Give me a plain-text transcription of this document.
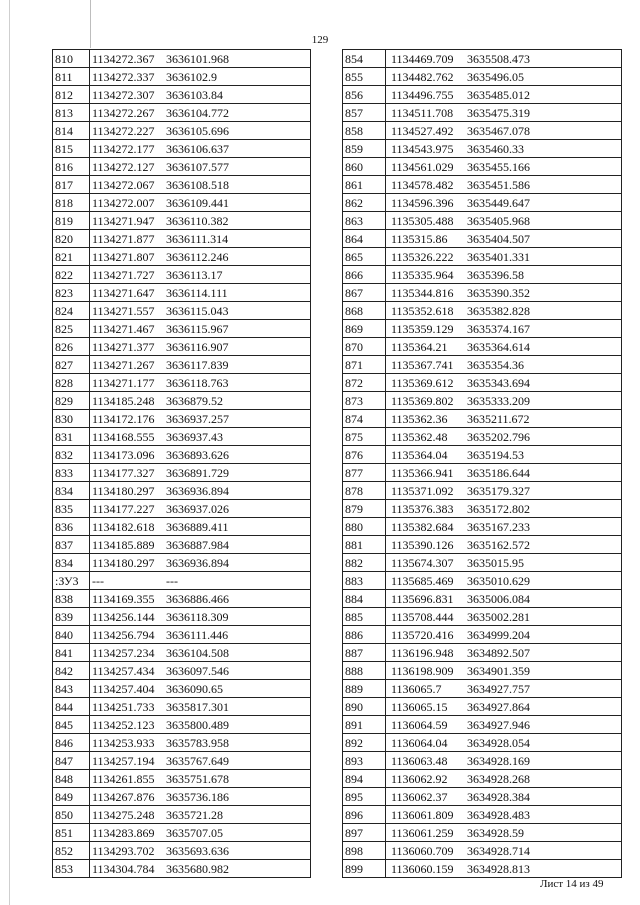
129
810	1134272.367 3636101.968
811	1134272.337 3636102.9
812	1134272.307 3636103.84
813	1134272.267 3636104.772
814	1134272.227 3636105.696
815	1134272.177 3636106.637
816	1134272.127 3636107.577
817	1134272.067 3636108.518
818	1134272.007 3636109.441
819	1134271.947 3636110.382
820	1134271.877 3636111.314
821	1134271.807 3636112.246
822	1134271.727 3636113.17
823	1134271.647 3636114.111
824	1134271.557 3636115.043
825	1134271.467 3636115.967
826	1134271.377 3636116.907
827	1134271.267 3636117.839
828	1134271.177 3636118.763
829	1134185.248 3636879.52
830	1134172.176 3636937.257
831	1134168.555 3636937.43
832	1134173.096 3636893.626
833	1134177.327 3636891.729
834	1134180.297 3636936.894
835	1134177.227 3636937.026
836	1134182.618 3636889.411
837	1134185.889 3636887.984
834	1134180.297 3636936.894
:ЗУ3	--- ---
838	1134169.355 3636886.466
839	1134256.144 3636118.309
840	1134256.794 3636111.446
841	1134257.234 3636104.508
842	1134257.434 3636097.546
843	1134257.404 3636090.65
844	1134251.733 3635817.301
845	1134252.123 3635800.489
846	1134253.933 3635783.958
847	1134257.194 3635767.649
848	1134261.855 3635751.678
849	1134267.876 3635736.186
850	1134275.248 3635721.28
851	1134283.869 3635707.05
852	1134293.702 3635693.636
853	1134304.784 3635680.982
854	1134469.709 3635508.473
855	1134482.762 3635496.05
856	1134496.755 3635485.012
857	1134511.708 3635475.319
858	1134527.492 3635467.078
859	1134543.975 3635460.33
860	1134561.029 3635455.166
861	1134578.482 3635451.586
862	1134596.396 3635449.647
863	1135305.488 3635405.968
864	1135315.86 3635404.507
865	1135326.222 3635401.331
866	1135335.964 3635396.58
867	1135344.816 3635390.352
868	1135352.618 3635382.828
869	1135359.129 3635374.167
870	1135364.21 3635364.614
871	1135367.741 3635354.36
872	1135369.612 3635343.694
873	1135369.802 3635333.209
874	1135362.36 3635211.672
875	1135362.48 3635202.796
876	1135364.04 3635194.53
877	1135366.941 3635186.644
878	1135371.092 3635179.327
879	1135376.383 3635172.802
880	1135382.684 3635167.233
881	1135390.126 3635162.572
882	1135674.307 3635015.95
883	1135685.469 3635010.629
884	1135696.831 3635006.084
885	1135708.444 3635002.281
886	1135720.416 3634999.204
887	1136196.948 3634892.507
888	1136198.909 3634901.359
889	1136065.7 3634927.757
890	1136065.15 3634927.864
891	1136064.59 3634927.946
892	1136064.04 3634928.054
893	1136063.48 3634928.169
894	1136062.92 3634928.268
895	1136062.37 3634928.384
896	1136061.809 3634928.483
897	1136061.259 3634928.59
898	1136060.709 3634928.714
899	1136060.159 3634928.813
Лист 14 из 49
